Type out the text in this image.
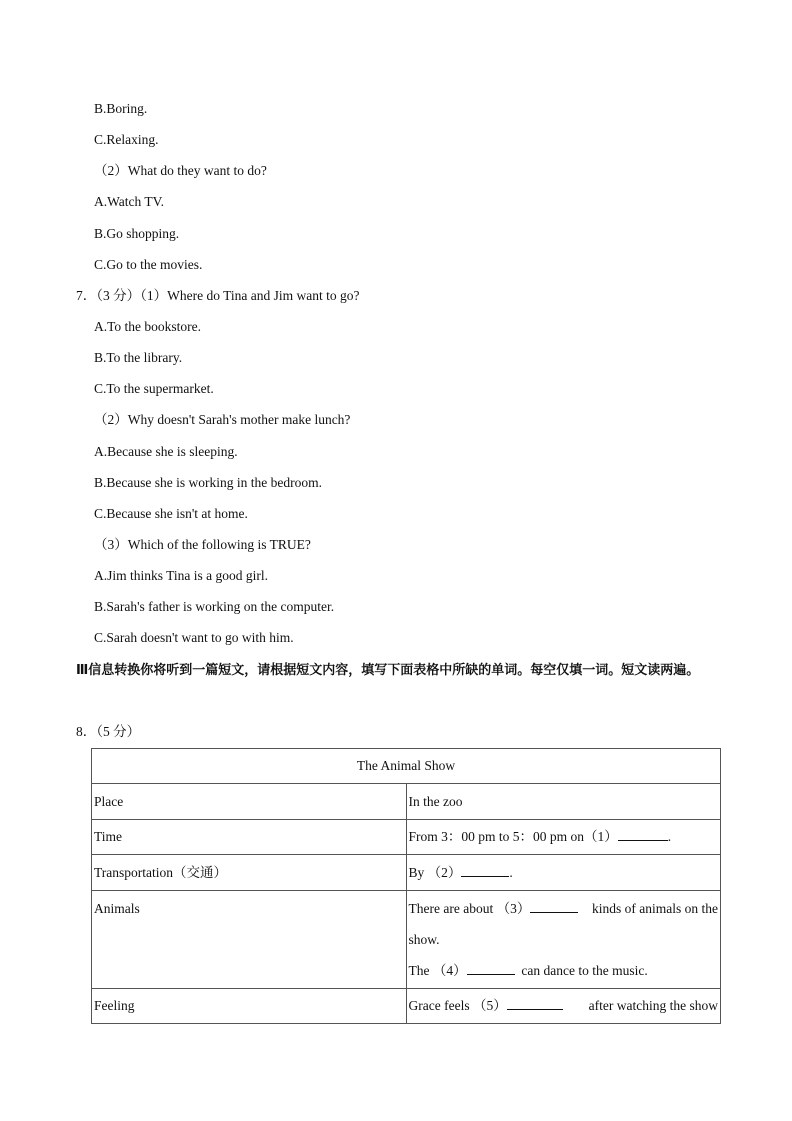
B.Boring.
C.Relaxing.
（2）What do they want to do?
A.Watch TV.
B.Go shopping.
C.Go to the movies.
7．（3 分）（1）Where do Tina and Jim want to go?
A.To the bookstore.
B.To the library.
C.To the supermarket.
（2）Why doesn't Sarah's mother make lunch?
A.Because she is sleeping.
B.Because she is working in the bedroom.
C.Because she isn't at home.
（3）Which of the following is TRUE?
A.Jim thinks Tina is a good girl.
B.Sarah's father is working on the computer.
C.Sarah doesn't want to go with him.
Ⅲ信息转换你将听到一篇短文，请根据短文内容，填写下面表格中所缺的单词。每空仅填一词。短文读两遍。
8．（5 分）
The Animal Show	
Place	In the zoo
Time	From 3：00 pm to 5：00 pm on（1） .
Transportation（交通）	By （2） .
Animals	There are about （3） kinds of animals on the
show.
The （4） can dance to the music.

Feeling	Grace feels （5） after watching the show
